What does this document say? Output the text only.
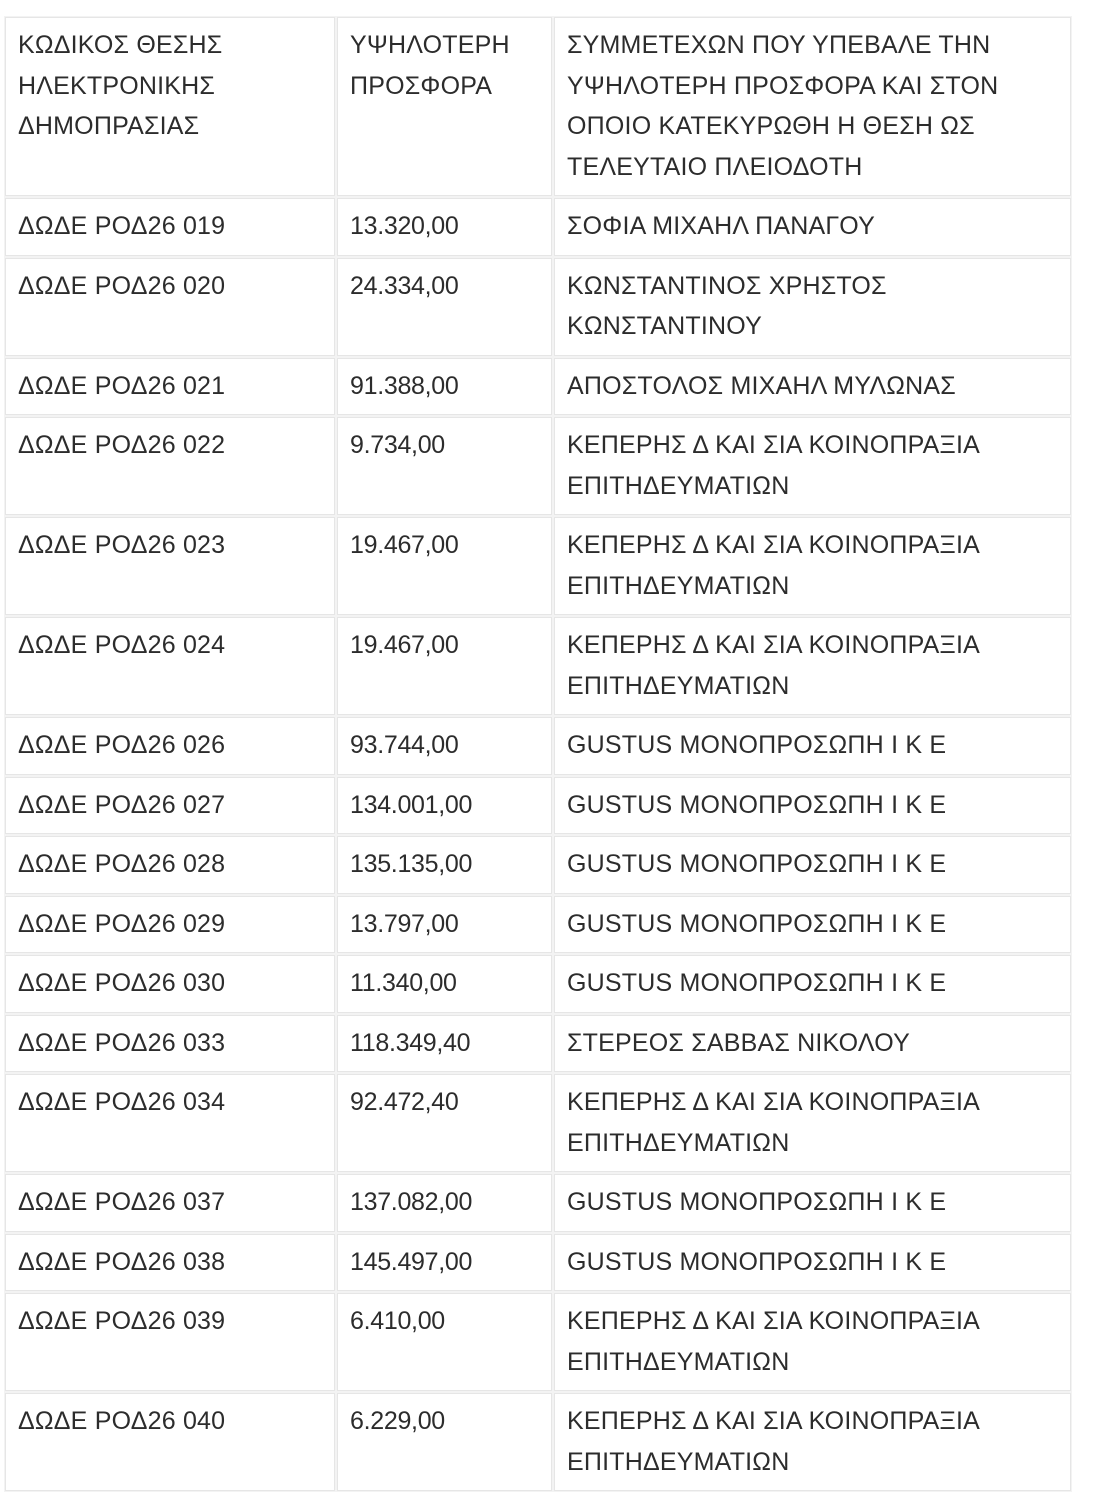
ΚΩΔΙΚΟΣ ΘΕΣΗΣ ΗΛΕΚΤΡΟΝΙΚΗΣ ΔΗΜΟΠΡΑΣΙΑΣ	ΥΨΗΛΟΤΕΡΗ ΠΡΟΣΦΟΡΑ	ΣΥΜΜΕΤΕΧΩΝ ΠΟΥ ΥΠΕΒΑΛΕ ΤΗΝ ΥΨΗΛΟΤΕΡΗ ΠΡΟΣΦΟΡΑ ΚΑΙ ΣΤΟΝ ΟΠΟΙΟ ΚΑΤΕΚΥΡΩΘΗ Η ΘΕΣΗ ΩΣ ΤΕΛΕΥΤΑΙΟ ΠΛΕΙΟΔΟΤΗ
ΔΩΔΕ ΡΟΔ26 019	13.320,00	ΣΟΦΙΑ ΜΙΧΑΗΛ ΠΑΝΑΓΟΥ
ΔΩΔΕ ΡΟΔ26 020	24.334,00	ΚΩΝΣΤΑΝΤΙΝΟΣ ΧΡΗΣΤΟΣ ΚΩΝΣΤΑΝΤΙΝΟΥ
ΔΩΔΕ ΡΟΔ26 021	91.388,00	ΑΠΟΣΤΟΛΟΣ ΜΙΧΑΗΛ ΜΥΛΩΝΑΣ
ΔΩΔΕ ΡΟΔ26 022	9.734,00	ΚΕΠΕΡΗΣ Δ ΚΑΙ ΣΙΑ ΚΟΙΝΟΠΡΑΞΙΑ ΕΠΙΤΗΔΕΥΜΑΤΙΩΝ
ΔΩΔΕ ΡΟΔ26 023	19.467,00	ΚΕΠΕΡΗΣ Δ ΚΑΙ ΣΙΑ ΚΟΙΝΟΠΡΑΞΙΑ ΕΠΙΤΗΔΕΥΜΑΤΙΩΝ
ΔΩΔΕ ΡΟΔ26 024	19.467,00	ΚΕΠΕΡΗΣ Δ ΚΑΙ ΣΙΑ ΚΟΙΝΟΠΡΑΞΙΑ ΕΠΙΤΗΔΕΥΜΑΤΙΩΝ
ΔΩΔΕ ΡΟΔ26 026	93.744,00	GUSTUS ΜΟΝΟΠΡΟΣΩΠΗ Ι Κ Ε
ΔΩΔΕ ΡΟΔ26 027	134.001,00	GUSTUS ΜΟΝΟΠΡΟΣΩΠΗ Ι Κ Ε
ΔΩΔΕ ΡΟΔ26 028	135.135,00	GUSTUS ΜΟΝΟΠΡΟΣΩΠΗ Ι Κ Ε
ΔΩΔΕ ΡΟΔ26 029	13.797,00	GUSTUS ΜΟΝΟΠΡΟΣΩΠΗ Ι Κ Ε
ΔΩΔΕ ΡΟΔ26 030	11.340,00	GUSTUS ΜΟΝΟΠΡΟΣΩΠΗ Ι Κ Ε
ΔΩΔΕ ΡΟΔ26 033	118.349,40	ΣΤΕΡΕΟΣ ΣΑΒΒΑΣ ΝΙΚΟΛΟΥ
ΔΩΔΕ ΡΟΔ26 034	92.472,40	ΚΕΠΕΡΗΣ Δ ΚΑΙ ΣΙΑ ΚΟΙΝΟΠΡΑΞΙΑ ΕΠΙΤΗΔΕΥΜΑΤΙΩΝ
ΔΩΔΕ ΡΟΔ26 037	137.082,00	GUSTUS ΜΟΝΟΠΡΟΣΩΠΗ Ι Κ Ε
ΔΩΔΕ ΡΟΔ26 038	145.497,00	GUSTUS ΜΟΝΟΠΡΟΣΩΠΗ Ι Κ Ε
ΔΩΔΕ ΡΟΔ26 039	6.410,00	ΚΕΠΕΡΗΣ Δ ΚΑΙ ΣΙΑ ΚΟΙΝΟΠΡΑΞΙΑ ΕΠΙΤΗΔΕΥΜΑΤΙΩΝ
ΔΩΔΕ ΡΟΔ26 040	6.229,00	ΚΕΠΕΡΗΣ Δ ΚΑΙ ΣΙΑ ΚΟΙΝΟΠΡΑΞΙΑ ΕΠΙΤΗΔΕΥΜΑΤΙΩΝ
